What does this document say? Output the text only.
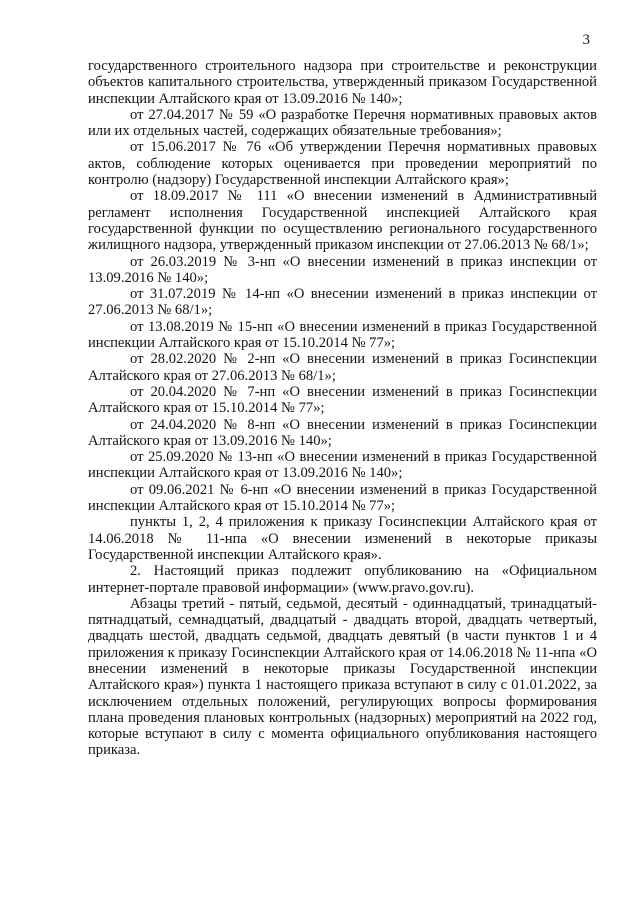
3

государственного строительного надзора при строительстве и реконструкции объектов капитального строительства, утвержденный приказом Государственной инспекции Алтайского края от 13.09.2016 № 140»;

от 27.04.2017 № 59 «О разработке Перечня нормативных правовых актов или их отдельных частей, содержащих обязательные требования»;

от 15.06.2017 № 76 «Об утверждении Перечня нормативных правовых актов, соблюдение которых оценивается при проведении мероприятий по контролю (надзору) Государственной инспекции Алтайского края»;

от 18.09.2017 № 111 «О внесении изменений в Административный регламент исполнения Государственной инспекцией Алтайского края государственной функции по осуществлению регионального государственного жилищного надзора, утвержденный приказом инспекции от 27.06.2013 № 68/1»;

от 26.03.2019 № 3-нп «О внесении изменений в приказ инспекции от 13.09.2016 № 140»;

от 31.07.2019 № 14-нп «О внесении изменений в приказ инспекции от 27.06.2013 № 68/1»;

от 13.08.2019 № 15-нп «О внесении изменений в приказ Государственной инспекции Алтайского края от 15.10.2014 № 77»;

от 28.02.2020 № 2-нп «О внесении изменений в приказ Госинспекции Алтайского края от 27.06.2013 № 68/1»;

от 20.04.2020 № 7-нп «О внесении изменений в приказ Госинспекции Алтайского края от 15.10.2014 № 77»;

от 24.04.2020 № 8-нп «О внесении изменений в приказ Госинспекции Алтайского края от 13.09.2016 № 140»;

от 25.09.2020 № 13-нп «О внесении изменений в приказ Государственной инспекции Алтайского края от 13.09.2016 № 140»;

от 09.06.2021 № 6-нп «О внесении изменений в приказ Государственной инспекции Алтайского края от 15.10.2014 № 77»;

пункты 1, 2, 4 приложения к приказу Госинспекции Алтайского края от 14.06.2018 № 11-нпа «О внесении изменений в некоторые приказы Государственной инспекции Алтайского края».

2. Настоящий приказ подлежит опубликованию на «Официальном интернет-портале правовой информации» (www.pravo.gov.ru).

Абзацы третий - пятый, седьмой, десятый - одиннадцатый, тринадцатый-пятнадцатый, семнадцатый, двадцатый - двадцать второй, двадцать четвертый, двадцать шестой, двадцать седьмой, двадцать девятый (в части пунктов 1 и 4 приложения к приказу Госинспекции Алтайского края от 14.06.2018 № 11-нпа «О внесении изменений в некоторые приказы Государственной инспекции Алтайского края») пункта 1 настоящего приказа вступают в силу с 01.01.2022, за исключением отдельных положений, регулирующих вопросы формирования плана проведения плановых контрольных (надзорных) мероприятий на 2022 год, которые вступают в силу с момента официального опубликования настоящего приказа.
